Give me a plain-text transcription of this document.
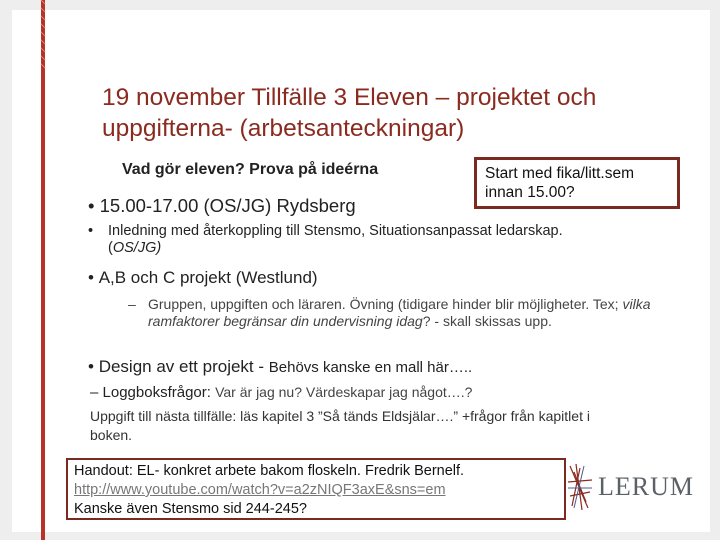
19 november Tillfälle 3 Eleven – projektet och uppgifterna- (arbetsanteckningar)
Vad gör eleven? Prova på ideérna	Start med fika/litt.sem innan 15.00?
• 15.00-17.00 (OS/JG) Rydsberg
• Inledning med återkoppling till Stensmo, Situationsanpassat ledarskap. (OS/JG)
• A,B och C projekt (Westlund)
– Gruppen, uppgiften och läraren. Övning (tidigare hinder blir möjligheter. Tex; vilka ramfaktorer begränsar din undervisning idag? - skall skissas upp.
• Design av ett projekt - Behövs kanske en mall här…..
– Loggboksfrågor: Var är jag nu? Värdeskapar jag något….?
Uppgift till nästa tillfälle: läs kapitel 3 ”Så tänds Eldsjälar….” +frågor från kapitlet i boken.
Handout: EL- konkret arbete bakom floskeln. Fredrik Bernelf.
http://www.youtube.com/watch?v=a2zNIQF3axE&sns=em
Kanske även Stensmo sid 244-245?
LERUM
